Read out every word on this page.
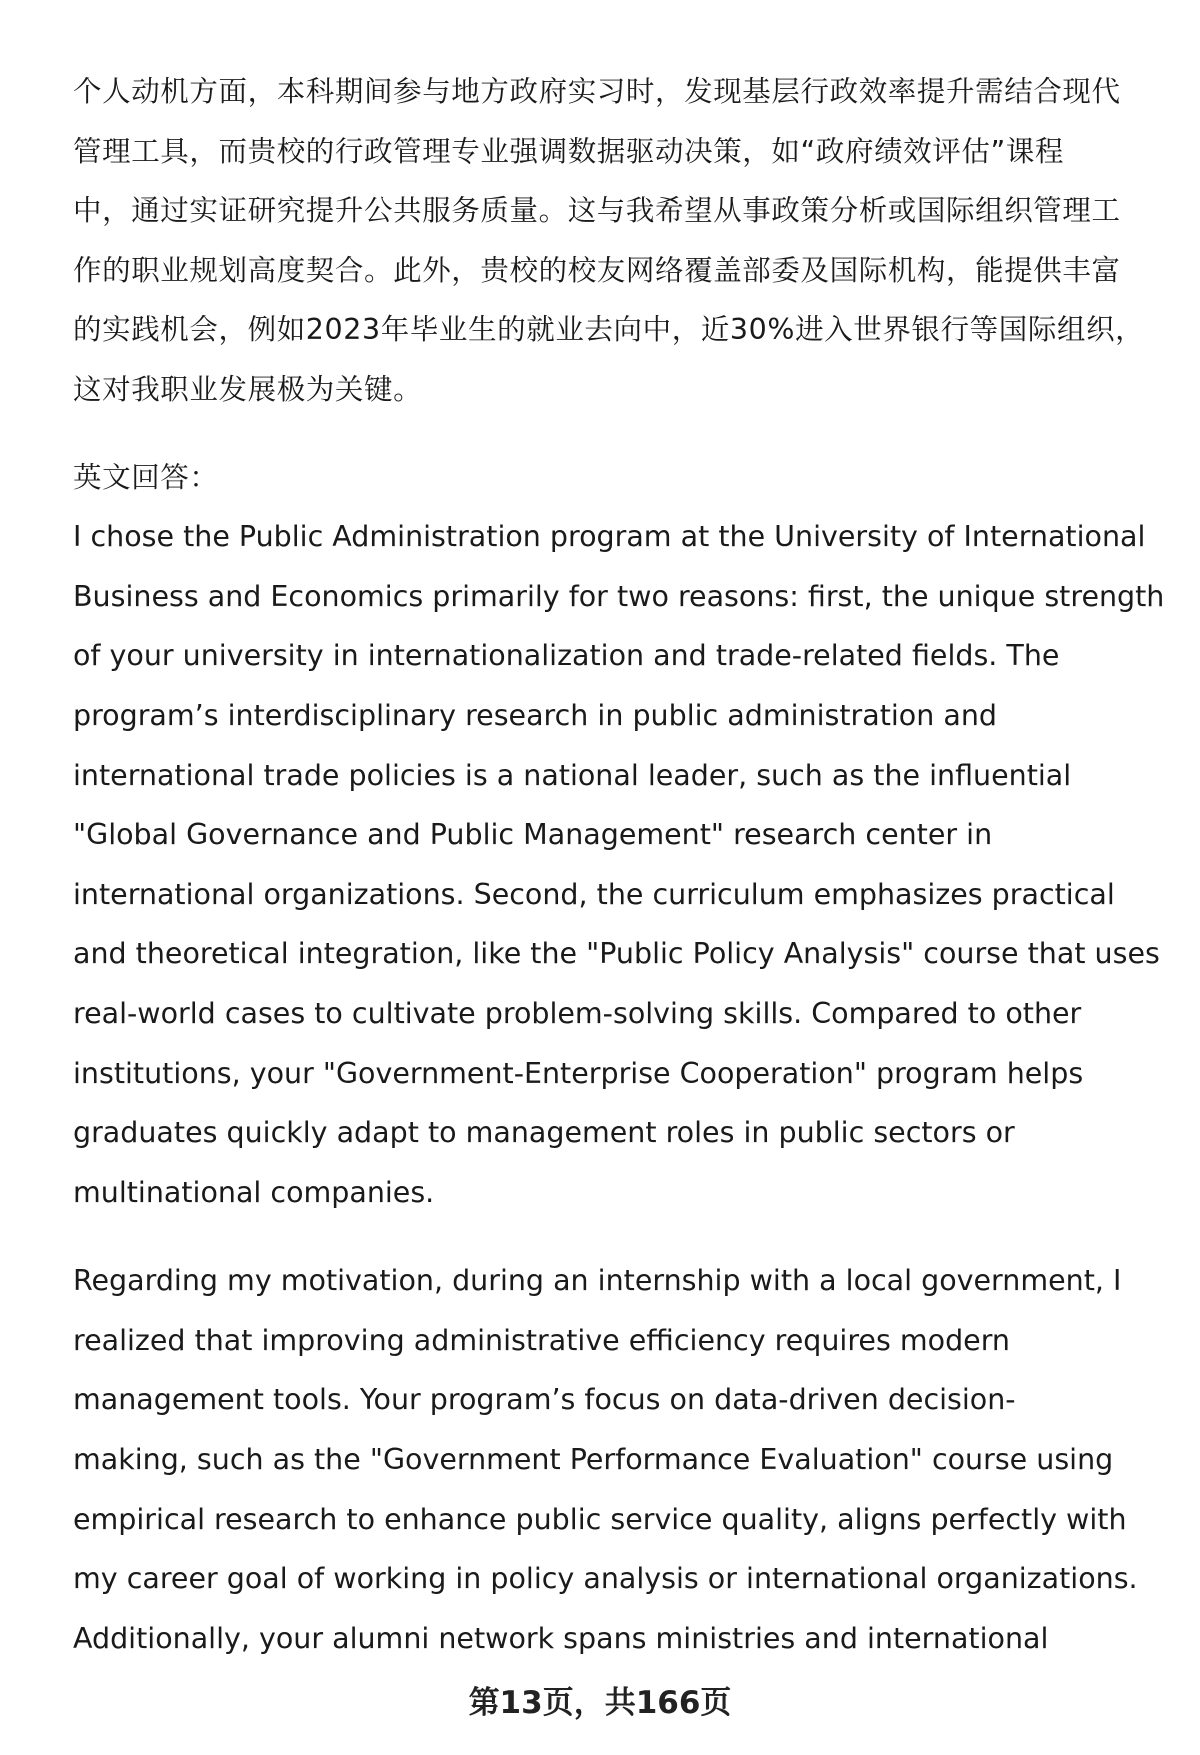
个人动机方面，本科期间参与地方政府实习时，发现基层行政效率提升需结合现代
管理工具，而贵校的行政管理专业强调数据驱动决策，如“政府绩效评估”课程
中，通过实证研究提升公共服务质量。这与我希望从事政策分析或国际组织管理工
作的职业规划高度契合。此外，贵校的校友网络覆盖部委及国际机构，能提供丰富
的实践机会，例如2023年毕业生的就业去向中，近30%进入世界银行等国际组织，
这对我职业发展极为关键。
英文回答：
I chose the Public Administration program at the University of International
Business and Economics primarily for two reasons: first, the unique strength
of your university in internationalization and trade-related fields. The
program’s interdisciplinary research in public administration and
international trade policies is a national leader, such as the influential
"Global Governance and Public Management" research center in
international organizations. Second, the curriculum emphasizes practical
and theoretical integration, like the "Public Policy Analysis" course that uses
real-world cases to cultivate problem-solving skills. Compared to other
institutions, your "Government-Enterprise Cooperation" program helps
graduates quickly adapt to management roles in public sectors or
multinational companies.
Regarding my motivation, during an internship with a local government, I
realized that improving administrative efficiency requires modern
management tools. Your program’s focus on data-driven decision-
making, such as the "Government Performance Evaluation" course using
empirical research to enhance public service quality, aligns perfectly with
my career goal of working in policy analysis or international organizations.
Additionally, your alumni network spans ministries and international
第13页，共166页
